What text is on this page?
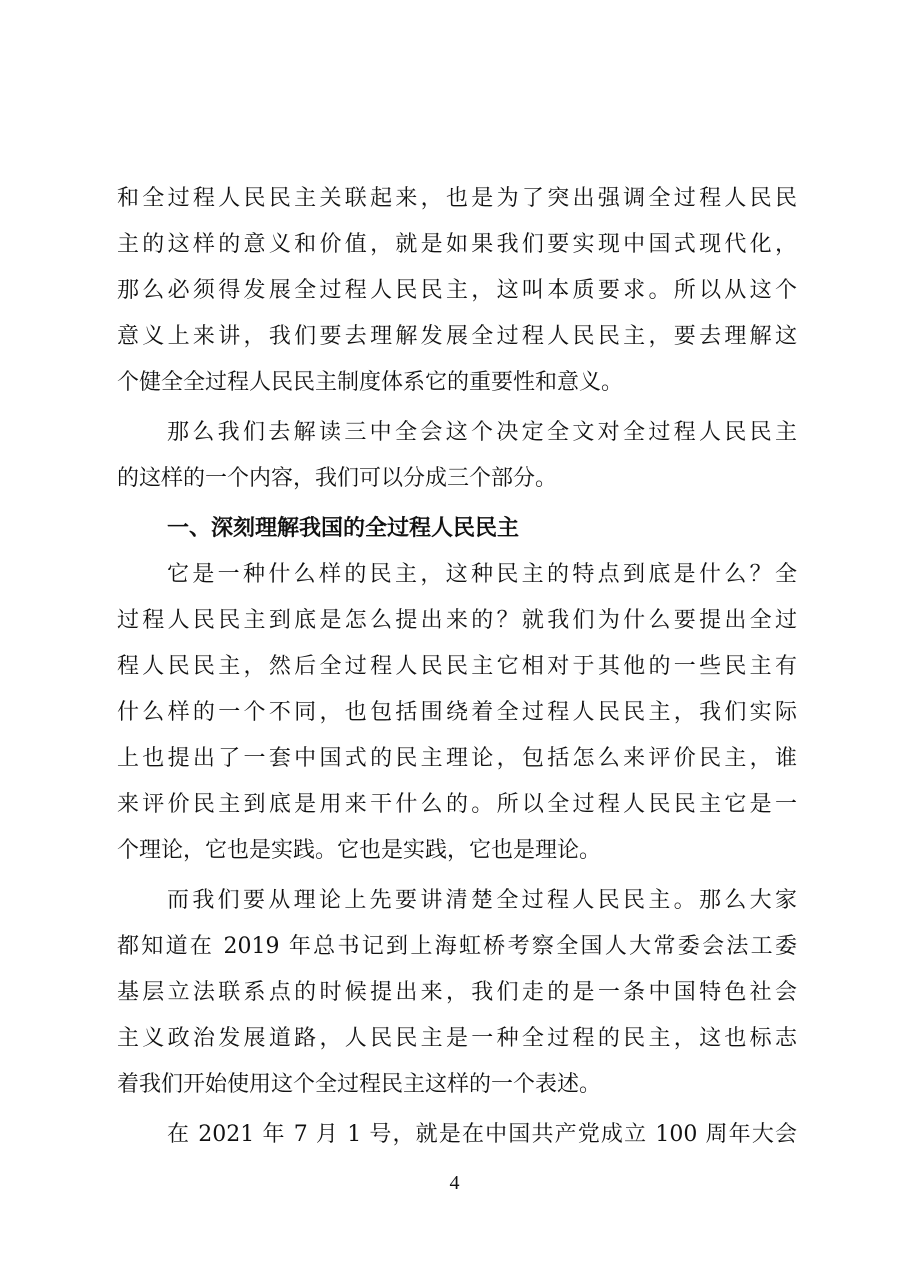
和全过程人民民主关联起来，也是为了突出强调全过程人民民
主的这样的意义和价值，就是如果我们要实现中国式现代化，
那么必须得发展全过程人民民主，这叫本质要求。所以从这个
意义上来讲，我们要去理解发展全过程人民民主，要去理解这
个健全全过程人民民主制度体系它的重要性和意义。
那么我们去解读三中全会这个决定全文对全过程人民民主
的这样的一个内容，我们可以分成三个部分。
一、深刻理解我国的全过程人民民主
它是一种什么样的民主，这种民主的特点到底是什么？全
过程人民民主到底是怎么提出来的？就我们为什么要提出全过
程人民民主，然后全过程人民民主它相对于其他的一些民主有
什么样的一个不同，也包括围绕着全过程人民民主，我们实际
上也提出了一套中国式的民主理论，包括怎么来评价民主，谁
来评价民主到底是用来干什么的。所以全过程人民民主它是一
个理论，它也是实践。它也是实践，它也是理论。
而我们要从理论上先要讲清楚全过程人民民主。那么大家
都知道在 2019 年总书记到上海虹桥考察全国人大常委会法工委
基层立法联系点的时候提出来，我们走的是一条中国特色社会
主义政治发展道路，人民民主是一种全过程的民主，这也标志
着我们开始使用这个全过程民主这样的一个表述。
在 2021 年 7 月 1 号，就是在中国共产党成立 100 周年大会
4
